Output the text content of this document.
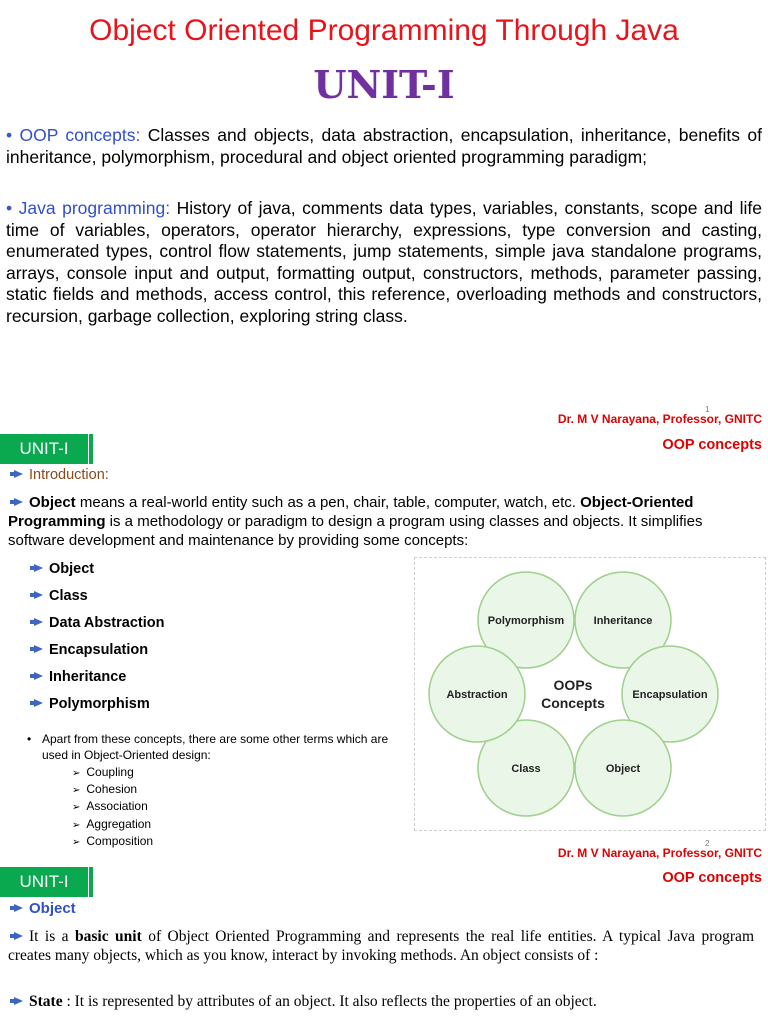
Object Oriented Programming Through Java
UNIT-I
• OOP concepts: Classes and objects, data abstraction, encapsulation, inheritance, benefits of inheritance, polymorphism, procedural and object oriented programming paradigm;
• Java programming: History of java, comments data types, variables, constants, scope and life time of variables, operators, operator hierarchy, expressions, type conversion and casting, enumerated types, control flow statements, jump statements, simple java standalone programs, arrays, console input and output, formatting output, constructors, methods, parameter passing, static fields and methods, access control, this reference, overloading methods and constructors, recursion, garbage collection, exploring string class.
1
Dr. M V Narayana, Professor, GNITC
UNIT-I	OOP concepts
Introduction:
Object means a real-world entity such as a pen, chair, table, computer, watch, etc. Object-Oriented Programming is a methodology or paradigm to design a program using classes and objects. It simplifies software development and maintenance by providing some concepts:
Object
Class
Data Abstraction
Encapsulation
Inheritance
Polymorphism
• Apart from these concepts, there are some other terms which are used in Object-Oriented design:
➢ Coupling
➢ Cohesion
➢ Association
➢ Aggregation
➢ Composition
Polymorphism	Inheritance
Encapsulation
Object
Class
Abstraction
OOPs
Concepts
2
Dr. M V Narayana, Professor, GNITC
UNIT-I	OOP concepts
Object
It is a basic unit of Object Oriented Programming and represents the real life entities. A typical Java program creates many objects, which as you know, interact by invoking methods. An object consists of :
State : It is represented by attributes of an object. It also reflects the properties of an object.
